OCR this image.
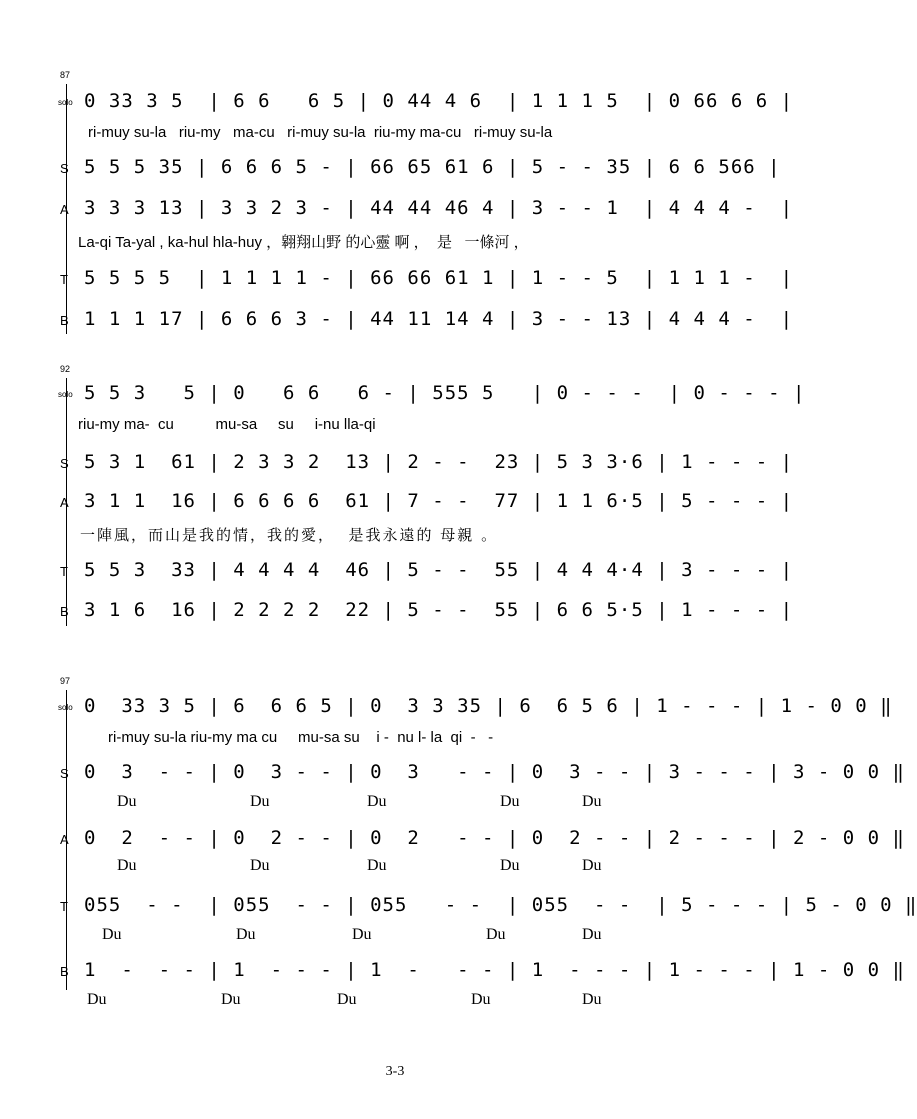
87
solo 0 33 3 5  | 6 6   6 5 | 0 44 4 6  | 1 1 1 5  | 0 66 6 6 |
ri-muy su-la   riu-my   ma-cu   ri-muy su-la  riu-my ma-cu   ri-muy su-la
S 5 5 5 35 | 6 6 6 5 - | 66 65 61 6 | 5 - - 35 | 6 6 566 |
A 3 3 3 13 | 3 3 2 3 - | 44 44 46 4 | 3 - - 1  | 4 4 4 -  |
La-qi Ta-yal , ka-hul hla-huy ，翱翔山野 的心靈 啊 ，  是   一條河 ，
T 5 5 5 5  | 1 1 1 1 - | 66 66 61 1 | 1 - - 5  | 1 1 1 -  |
B 1 1 1 17 | 6 6 6 3 - | 44 11 14 4 | 3 - - 13 | 4 4 4 -  |
92
solo 5 5 3   5 | 0   6 6   6 - | 555 5   | 0 - - -  | 0 - - - |
riu-my ma-  cu          mu-sa     su     i-nu lla-qi
S 5 3 1  61 | 2 3 3 2  13 | 2 - -  23 | 5 3 3·6 | 1 - - - |
A 3 1 1  16 | 6 6 6 6  61 | 7 - -  77 | 1 1 6·5 | 5 - - - |
一陣風，而山是我的情，我的愛，  是我永遠的 母親 。
T 5 5 3  33 | 4 4 4 4  46 | 5 - -  55 | 4 4 4·4 | 3 - - - |
B 3 1 6  16 | 2 2 2 2  22 | 5 - -  55 | 6 6 5·5 | 1 - - - |
97
solo 0  33 3 5 | 6  6 6 5 | 0  3 3 35 | 6  6 5 6 | 1 - - - | 1 - 0 0 ‖
ri-muy su-la riu-my ma cu     mu-sa su    i -  nu l- la  qi  -   -
S 0  3  - - | 0  3 - - | 0  3   - - | 0  3 - - | 3 - - - | 3 - 0 0 ‖
Du	Du	Du	Du	Du
A 0  2  - - | 0  2 - - | 0  2   - - | 0  2 - - | 2 - - - | 2 - 0 0 ‖
Du	Du	Du	Du	Du
T 055  - -  | 055  - - | 055   - -  | 055  - -  | 5 - - - | 5 - 0 0 ‖
Du	Du	Du	Du	Du
B 1  -  - - | 1  - - - | 1  -   - - | 1  - - - | 1 - - - | 1 - 0 0 ‖
Du	Du	Du	Du	Du
3-3
